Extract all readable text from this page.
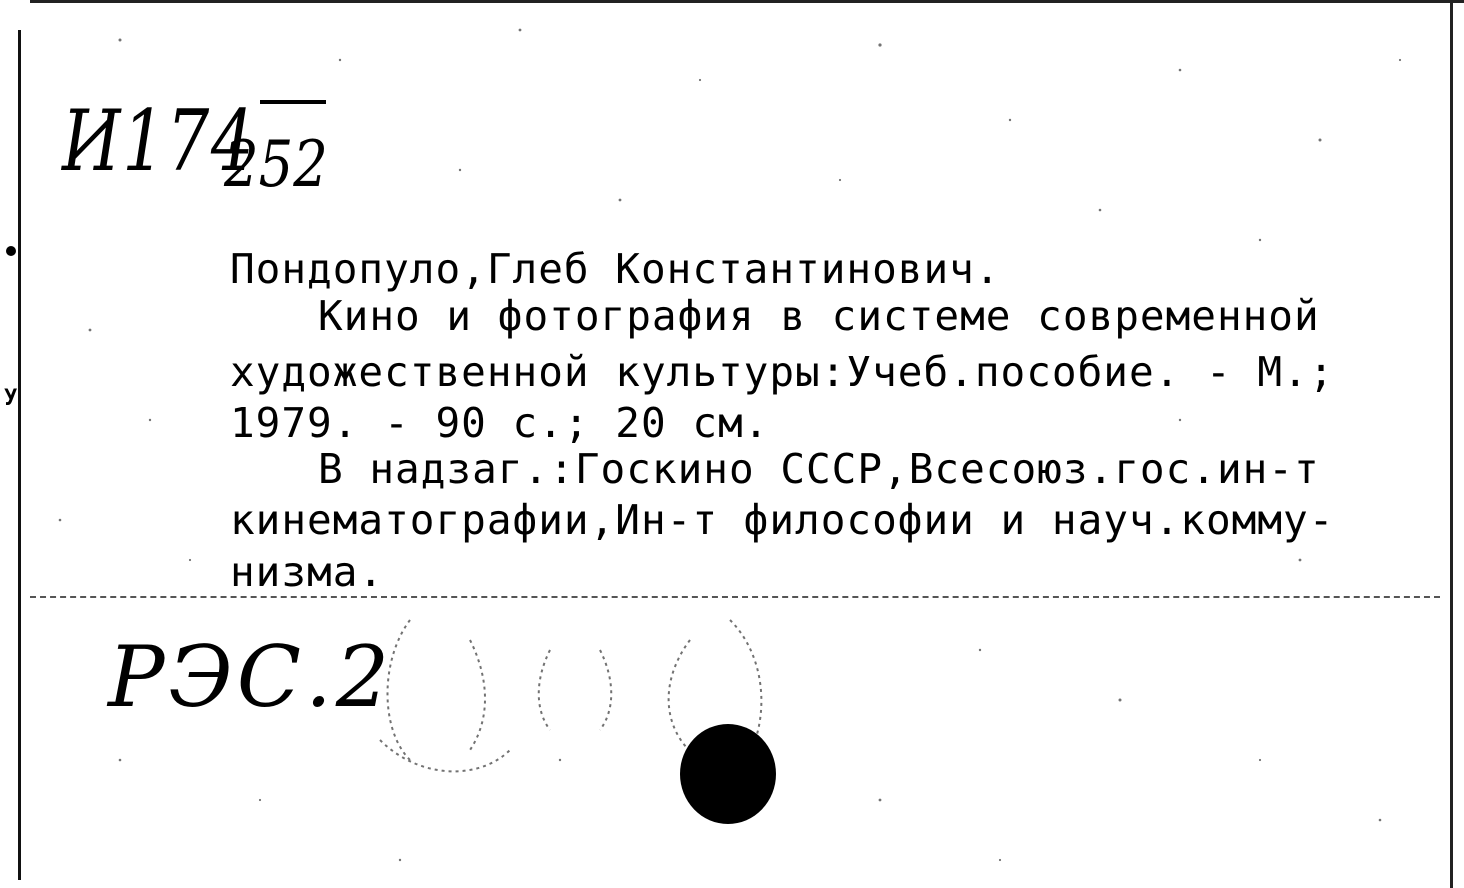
У
И174
252
Пондопуло,Глеб Константинович.
Кино и фотография в системе современной
художественной культуры:Учеб.пособие. - М.;
1979. - 90 с.; 20 см.
В надзаг.:Госкино СССР,Всесоюз.гос.ин-т
кинематографии,Ин-т философии и науч.комму-
низма.
РЭС.2
